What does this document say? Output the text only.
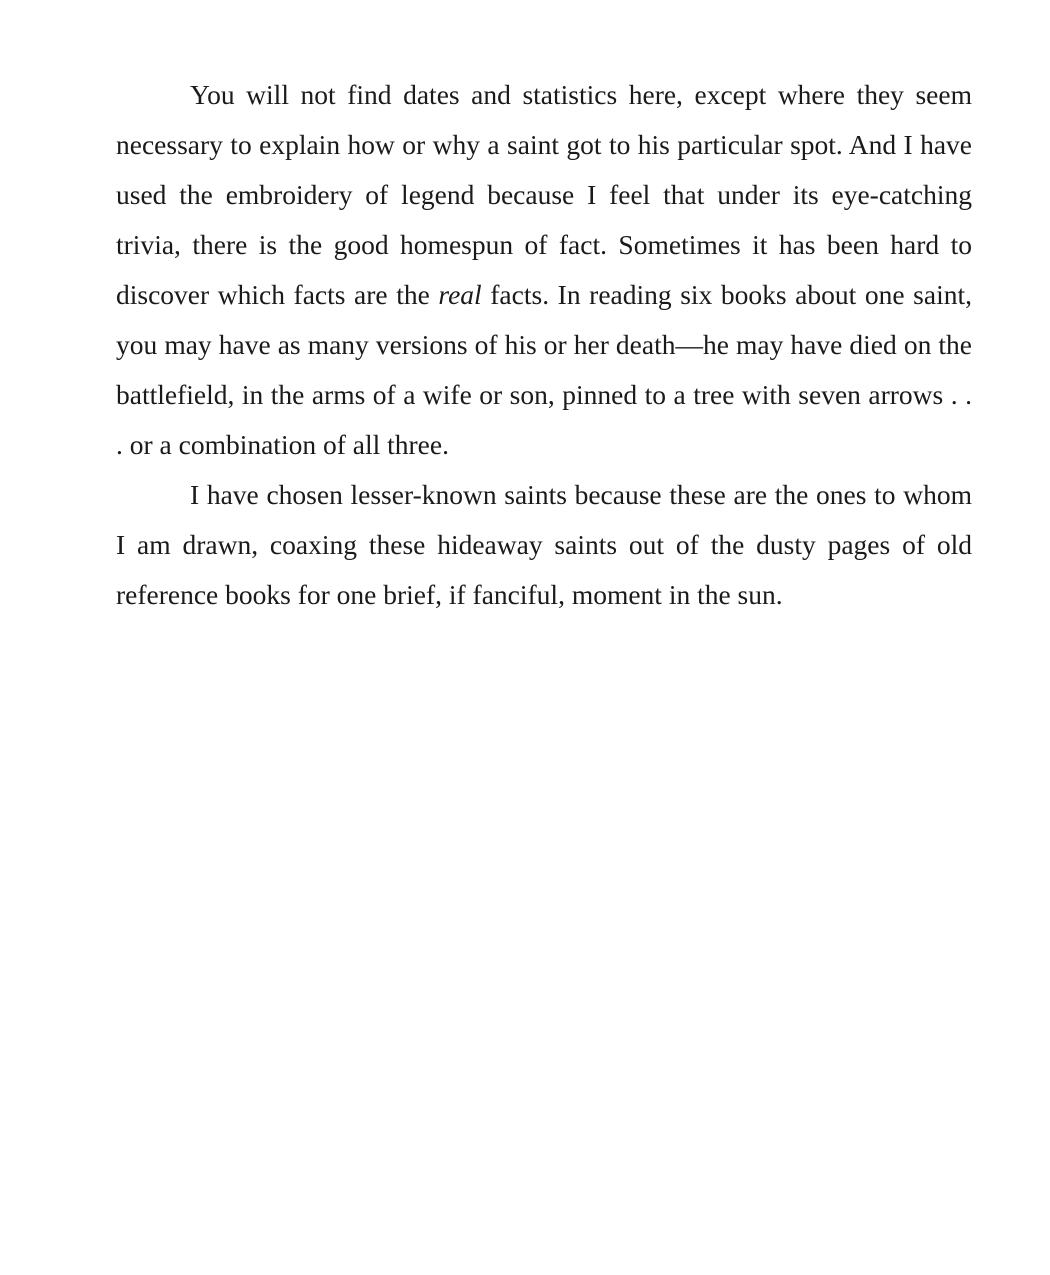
You will not find dates and statistics here, except where they seem necessary to explain how or why a saint got to his particular spot. And I have used the embroidery of legend because I feel that under its eye-catching trivia, there is the good homespun of fact. Sometimes it has been hard to discover which facts are the real facts. In reading six books about one saint, you may have as many versions of his or her death—he may have died on the battlefield, in the arms of a wife or son, pinned to a tree with seven arrows . . . or a combination of all three.

I have chosen lesser-known saints because these are the ones to whom I am drawn, coaxing these hideaway saints out of the dusty pages of old reference books for one brief, if fanciful, moment in the sun.
